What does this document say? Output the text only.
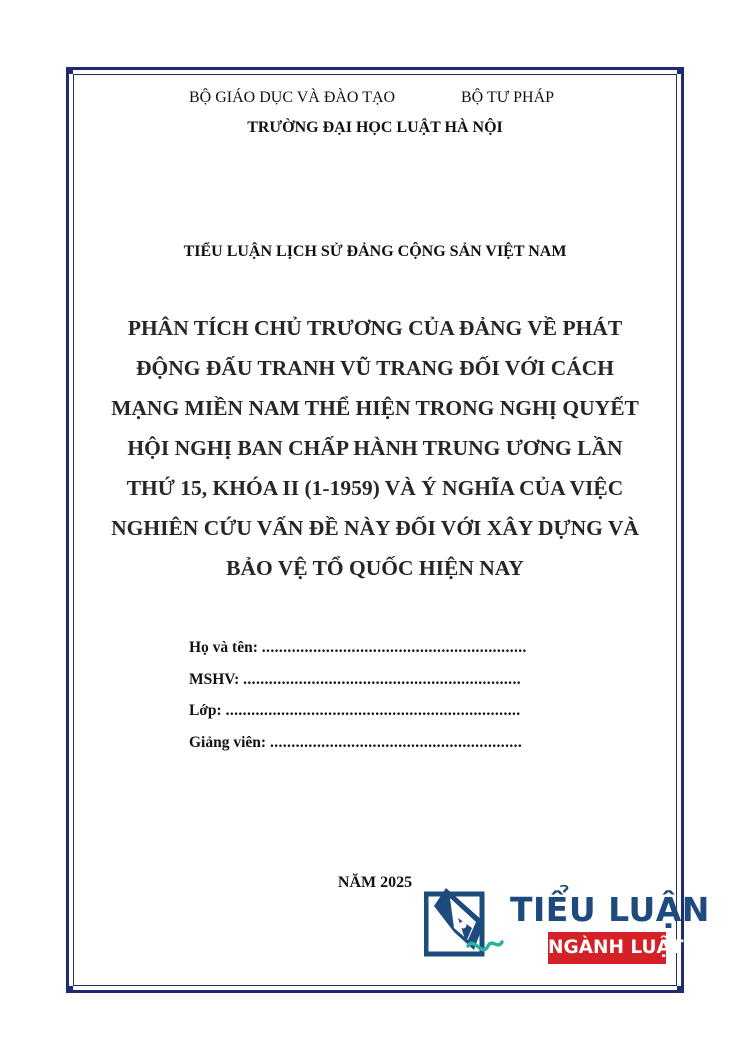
BỘ GIÁO DỤC VÀ ĐÀO TẠO	BỘ TƯ PHÁP
TRƯỜNG ĐẠI HỌC LUẬT HÀ NỘI
TIỂU LUẬN LỊCH SỬ ĐẢNG CỘNG SẢN VIỆT NAM
PHÂN TÍCH CHỦ TRƯƠNG CỦA ĐẢNG VỀ PHÁT
ĐỘNG ĐẤU TRANH VŨ TRANG ĐỐI VỚI CÁCH
MẠNG MIỀN NAM THỂ HIỆN TRONG NGHỊ QUYẾT
HỘI NGHỊ BAN CHẤP HÀNH TRUNG ƯƠNG LẦN
THỨ 15, KHÓA II (1-1959) VÀ Ý NGHĨA CỦA VIỆC
NGHIÊN CỨU VẤN ĐỀ NÀY ĐỐI VỚI XÂY DỰNG VÀ
BẢO VỆ TỔ QUỐC HIỆN NAY
Họ và tên: ..............................................................
MSHV: .................................................................
Lớp: .....................................................................
Giảng viên: ...........................................................
NĂM 2025
TIỂU LUẬN
NGÀNH LUẬT
